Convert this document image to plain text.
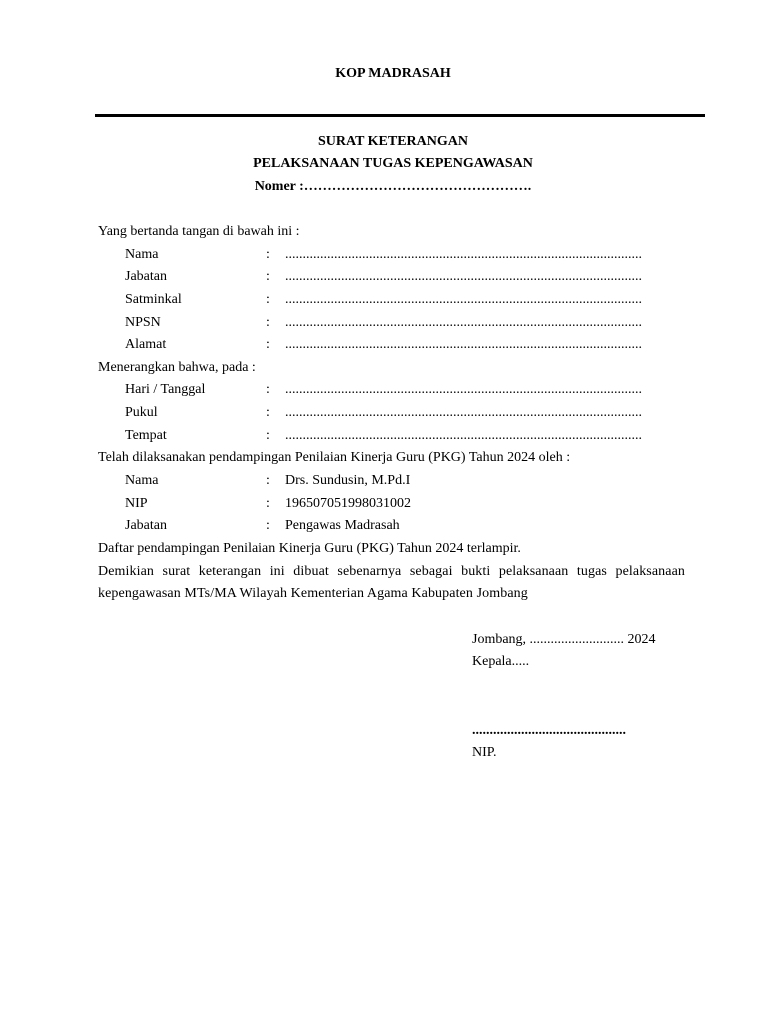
KOP MADRASAH
SURAT KETERANGAN
PELAKSANAAN TUGAS KEPENGAWASAN
Nomer :………………………………………….
Yang bertanda tangan di bawah ini :
Nama	: ......................................................................................................
Jabatan	: ......................................................................................................
Satminkal	: ......................................................................................................
NPSN	: ......................................................................................................
Alamat	: ......................................................................................................
Menerangkan bahwa, pada :
Hari / Tanggal	: ......................................................................................................
Pukul	: ......................................................................................................
Tempat	: ......................................................................................................
Telah dilaksanakan pendampingan Penilaian Kinerja Guru (PKG) Tahun 2024 oleh :
Nama	: Drs. Sundusin, M.Pd.I
NIP	: 196507051998031002
Jabatan	: Pengawas Madrasah
Daftar pendampingan Penilaian Kinerja Guru (PKG) Tahun 2024 terlampir.
Demikian surat keterangan ini dibuat sebenarnya sebagai bukti pelaksanaan tugas pelaksanaan
kepengawasan MTs/MA Wilayah Kementerian Agama Kabupaten Jombang
Jombang, ........................... 2024
Kepala.....
............................................
NIP.
